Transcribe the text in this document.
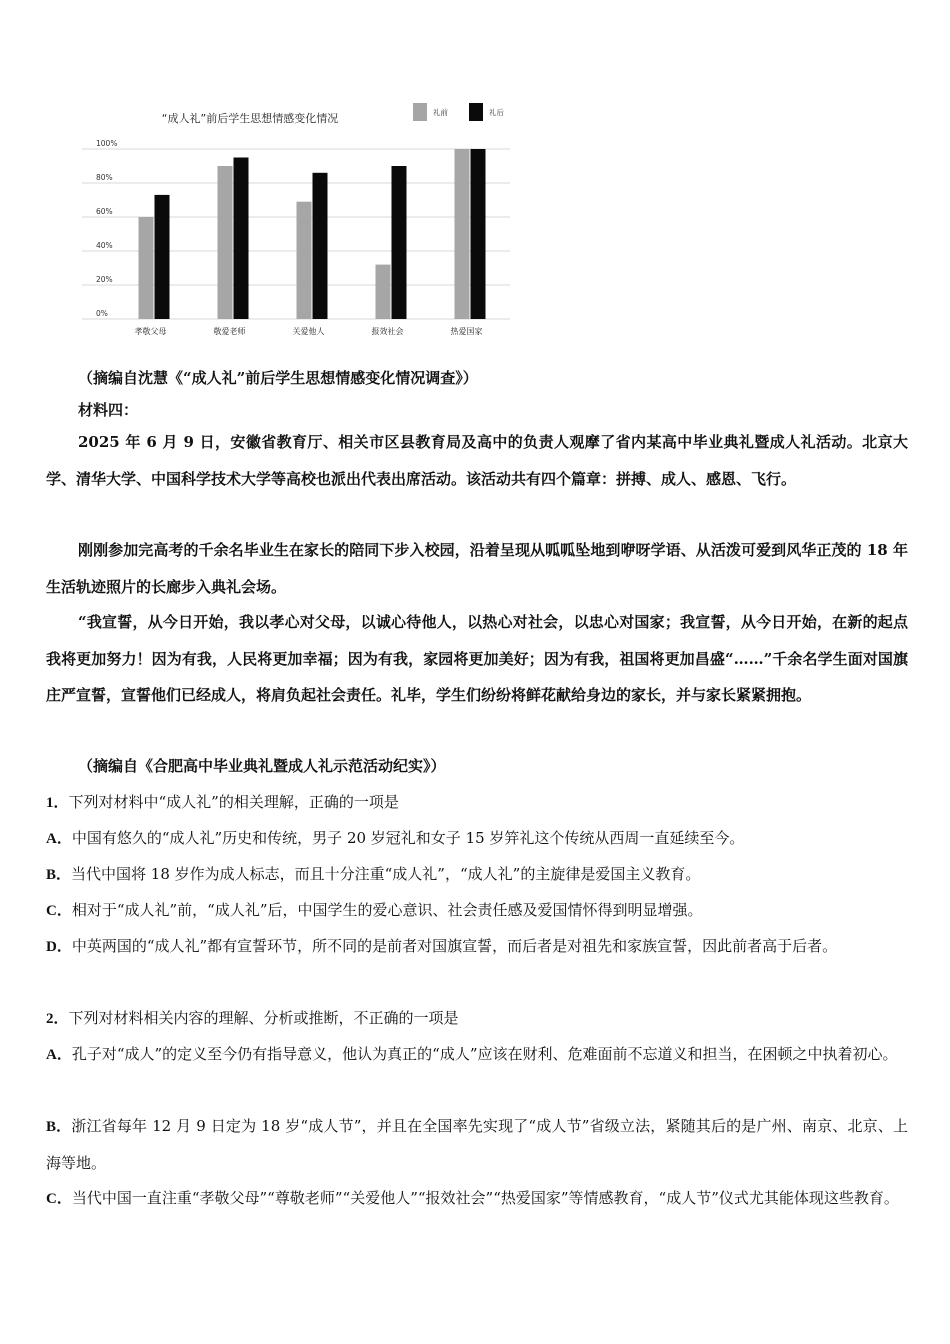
“成人礼”前后学生思想情感变化情况	礼前	礼后
0%
20%
40%
60%
80%
100%
孝敬父母	敬爱老师	关爱他人	报效社会	热爱国家

（摘编自沈慧《“成人礼”前后学生思想情感变化情况调查》）

材料四：

2025 年 6 月 9 日，安徽省教育厅、相关市区县教育局及高中的负责人观摩了省内某高中毕业典礼暨成人礼活动。北京大学、清华大学、中国科学技术大学等高校也派出代表出席活动。该活动共有四个篇章：拼搏、成人、感恩、飞行。

刚刚参加完高考的千余名毕业生在家长的陪同下步入校园，沿着呈现从呱呱坠地到咿呀学语、从活泼可爱到风华正茂的 18 年生活轨迹照片的长廊步入典礼会场。

“我宣誓，从今日开始，我以孝心对父母，以诚心待他人，以热心对社会，以忠心对国家；我宣誓，从今日开始，在新的起点我将更加努力！因为有我，人民将更加幸福；因为有我，家园将更加美好；因为有我，祖国将更加昌盛“……”千余名学生面对国旗庄严宣誓，宣誓他们已经成人，将肩负起社会责任。礼毕，学生们纷纷将鲜花献给身边的家长，并与家长紧紧拥抱。

（摘编自《合肥高中毕业典礼暨成人礼示范活动纪实》）

1．下列对材料中“成人礼”的相关理解，正确的一项是
A．中国有悠久的“成人礼”历史和传统，男子 20 岁冠礼和女子 15 岁笄礼这个传统从西周一直延续至今。
B．当代中国将 18 岁作为成人标志，而且十分注重“成人礼”，“成人礼”的主旋律是爱国主义教育。
C．相对于“成人礼”前，“成人礼”后，中国学生的爱心意识、社会责任感及爱国情怀得到明显增强。
D．中英两国的“成人礼”都有宣誓环节，所不同的是前者对国旗宣誓，而后者是对祖先和家族宣誓，因此前者高于后者。
2．下列对材料相关内容的理解、分析或推断，不正确的一项是
A．孔子对“成人”的定义至今仍有指导意义，他认为真正的“成人”应该在财利、危难面前不忘道义和担当，在困顿之中执着初心。
B．浙江省每年 12 月 9 日定为 18 岁“成人节”，并且在全国率先实现了“成人节”省级立法，紧随其后的是广州、南京、北京、上海等地。
C．当代中国一直注重“孝敬父母”“尊敬老师”“关爱他人”“报效社会”“热爱国家”等情感教育，“成人节”仪式尤其能体现这些教育。
